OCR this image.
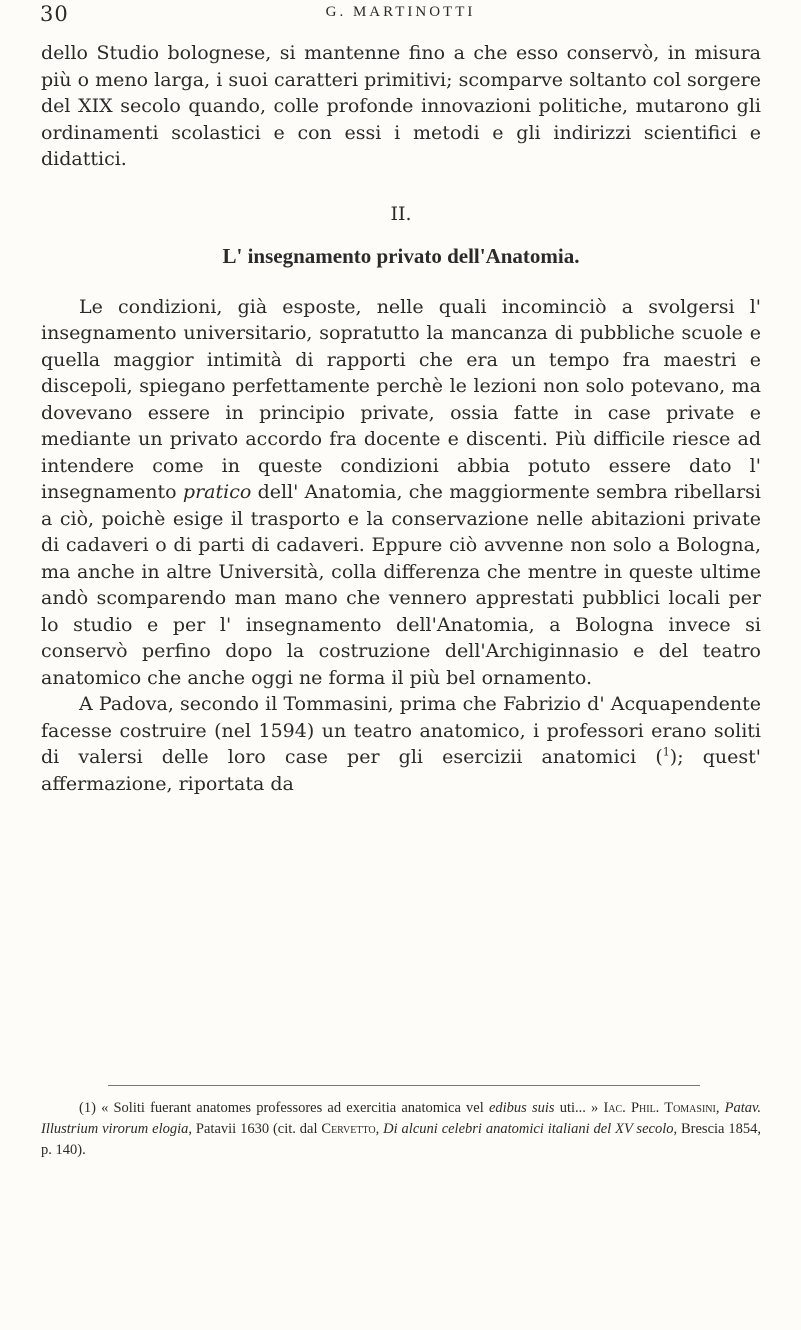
30	G. MARTINOTTI

dello Studio bolognese, si mantenne fino a che esso conservò, in misura più o meno larga, i suoi caratteri primitivi; scomparve soltanto col sorgere del XIX secolo quando, colle profonde innovazioni politiche, mutarono gli ordinamenti scolastici e con essi i metodi e gli indirizzi scientifici e didattici.

II.
L' insegnamento privato dell'Anatomia.

Le condizioni, già esposte, nelle quali incominciò a svolgersi l' insegnamento universitario, sopratutto la mancanza di pubbliche scuole e quella maggior intimità di rapporti che era un tempo fra maestri e discepoli, spiegano perfettamente perchè le lezioni non solo potevano, ma dovevano essere in principio private, ossia fatte in case private e mediante un privato accordo fra docente e discenti. Più difficile riesce ad intendere come in queste condizioni abbia potuto essere dato l' insegnamento pratico dell' Anatomia, che maggiormente sembra ribellarsi a ciò, poichè esige il trasporto e la conservazione nelle abitazioni private di cadaveri o di parti di cadaveri. Eppure ciò avvenne non solo a Bologna, ma anche in altre Università, colla differenza che mentre in queste ultime andò scomparendo man mano che vennero apprestati pubblici locali per lo studio e per l' insegnamento dell'Anatomia, a Bologna invece si conservò perfino dopo la costruzione dell'Archiginnasio e del teatro anatomico che anche oggi ne forma il più bel ornamento.

A Padova, secondo il Tommasini, prima che Fabrizio d' Acquapendente facesse costruire (nel 1594) un teatro anatomico, i professori erano soliti di valersi delle loro case per gli esercizii anatomici ($^1$); quest' affermazione, riportata da

(1) « Soliti fuerant anatomes professores ad exercitia anatomica vel edibus suis uti... » Iac. Phil. Tomasini, Patav. Illustrium virorum elogia, Patavii 1630 (cit. dal Cervetto, Di alcuni celebri anatomici italiani del XV secolo, Brescia 1854, p. 140).
